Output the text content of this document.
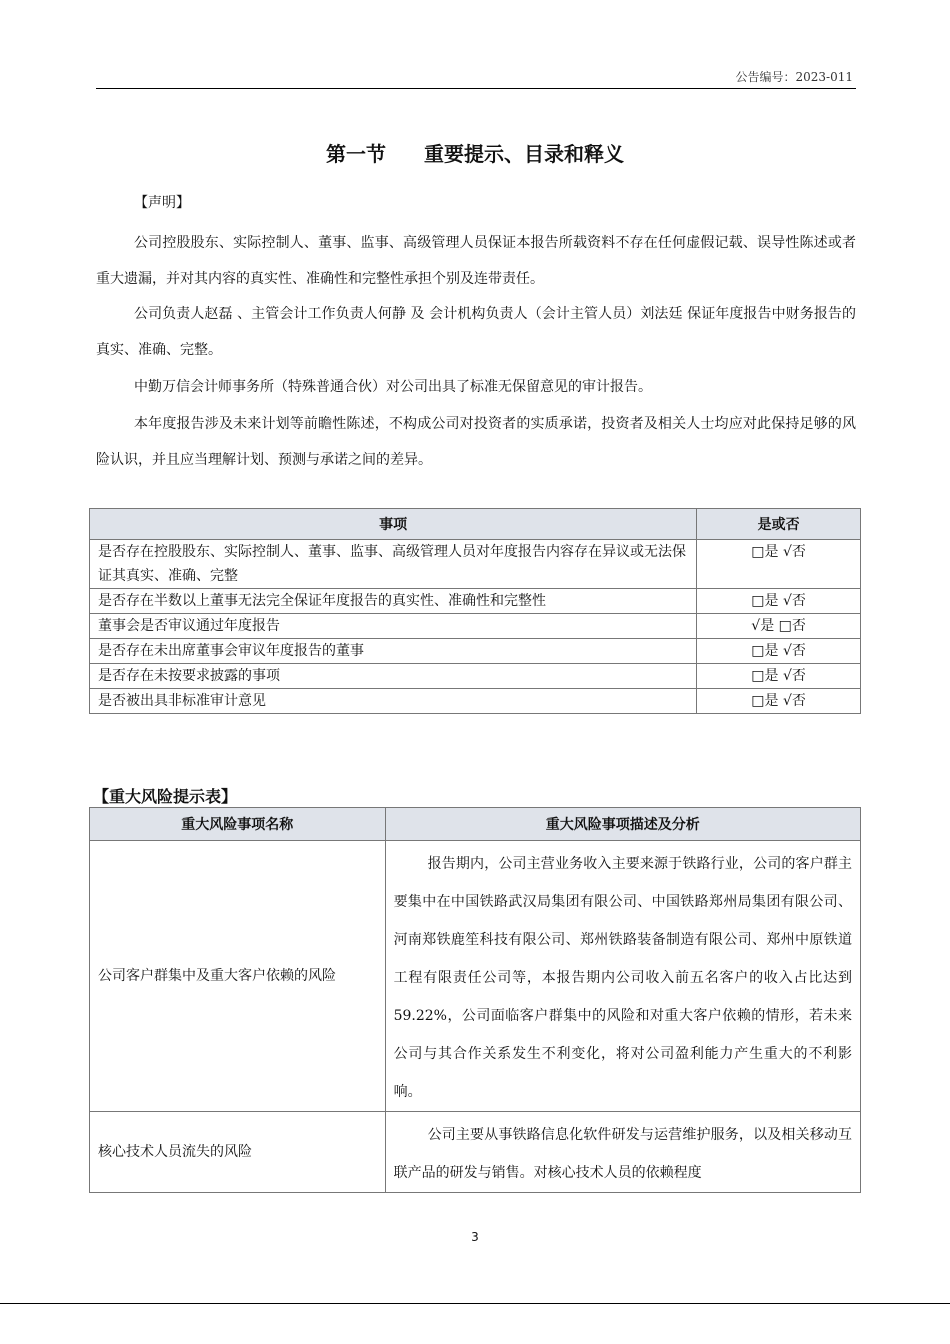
公告编号：2023-011
第一节 重要提示、目录和释义
【声明】
公司控股股东、实际控制人、董事、监事、高级管理人员保证本报告所载资料不存在任何虚假记载、误导性陈述或者重大遗漏，并对其内容的真实性、准确性和完整性承担个别及连带责任。
公司负责人赵磊 、主管会计工作负责人何静 及 会计机构负责人（会计主管人员）刘法廷 保证年度报告中财务报告的真实、准确、完整。
中勤万信会计师事务所（特殊普通合伙）对公司出具了标准无保留意见的审计报告。
本年度报告涉及未来计划等前瞻性陈述，不构成公司对投资者的实质承诺，投资者及相关人士均应对此保持足够的风险认识，并且应当理解计划、预测与承诺之间的差异。
事项	是或否
是否存在控股股东、实际控制人、董事、监事、高级管理人员对年度报告内容存在异议或无法保证其真实、准确、完整	□是 √否
是否存在半数以上董事无法完全保证年度报告的真实性、准确性和完整性	□是 √否
董事会是否审议通过年度报告	√是 □否
是否存在未出席董事会审议年度报告的董事	□是 √否
是否存在未按要求披露的事项	□是 √否
是否被出具非标准审计意见	□是 √否
【重大风险提示表】
重大风险事项名称	重大风险事项描述及分析
公司客户群集中及重大客户依赖的风险	报告期内，公司主营业务收入主要来源于铁路行业，公司的客户群主要集中在中国铁路武汉局集团有限公司、中国铁路郑州局集团有限公司、河南郑铁鹿笙科技有限公司、郑州铁路装备制造有限公司、郑州中原铁道工程有限责任公司等，本报告期内公司收入前五名客户的收入占比达到 59.22%，公司面临客户群集中的风险和对重大客户依赖的情形，若未来公司与其合作关系发生不利变化，将对公司盈利能力产生重大的不利影响。
核心技术人员流失的风险	公司主要从事铁路信息化软件研发与运营维护服务，以及相关移动互联产品的研发与销售。对核心技术人员的依赖程度
3
